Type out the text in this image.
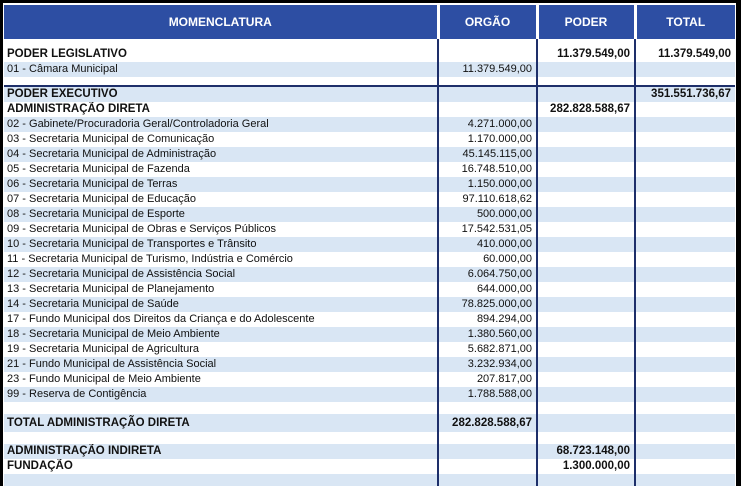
MOMENCLATURA	ORGÃO	PODER	TOTAL

PODER LEGISLATIVO		11.379.549,00	11.379.549,00
01 - Câmara Municipal	11.379.549,00		

PODER EXECUTIVO			351.551.736,67
ADMINISTRAÇÃO DIRETA		282.828.588,67	
02 - Gabinete/Procuradoria Geral/Controladoria Geral	4.271.000,00		
03 - Secretaria Municipal de Comunicação	1.170.000,00		
04 - Secretaria Municipal de Administração	45.145.115,00		
05 - Secretaria Municipal de Fazenda	16.748.510,00		
06 - Secretaria Municipal de Terras	1.150.000,00		
07 - Secretaria Municipal de Educação	97.110.618,62		
08 - Secretaria Municipal de Esporte	500.000,00		
09 - Secretaria Municipal de Obras e Serviços Públicos	17.542.531,05		
10 - Secretaria Municipal de Transportes e Trânsito	410.000,00		
11 - Secretaria Municipal de Turismo, Indústria e Comércio	60.000,00		
12 - Secretaria Municipal de Assistência Social	6.064.750,00		
13 - Secretaria Municipal de Planejamento	644.000,00		
14 - Secretaria Municipal de Saúde	78.825.000,00		
17 - Fundo Municipal dos Direitos da Criança e do Adolescente	894.294,00		
18 - Secretaria Municipal de Meio Ambiente	1.380.560,00		
19 - Secretaria Municipal de Agricultura	5.682.871,00		
21 - Fundo Municipal de Assistência Social	3.232.934,00		
23 - Fundo Municipal de Meio Ambiente	207.817,00		
99 - Reserva de Contigência	1.788.588,00		

TOTAL ADMINISTRAÇÃO DIRETA	282.828.588,67		

ADMINISTRAÇÃO INDIRETA		68.723.148,00	
FUNDAÇÃO		1.300.000,00	
